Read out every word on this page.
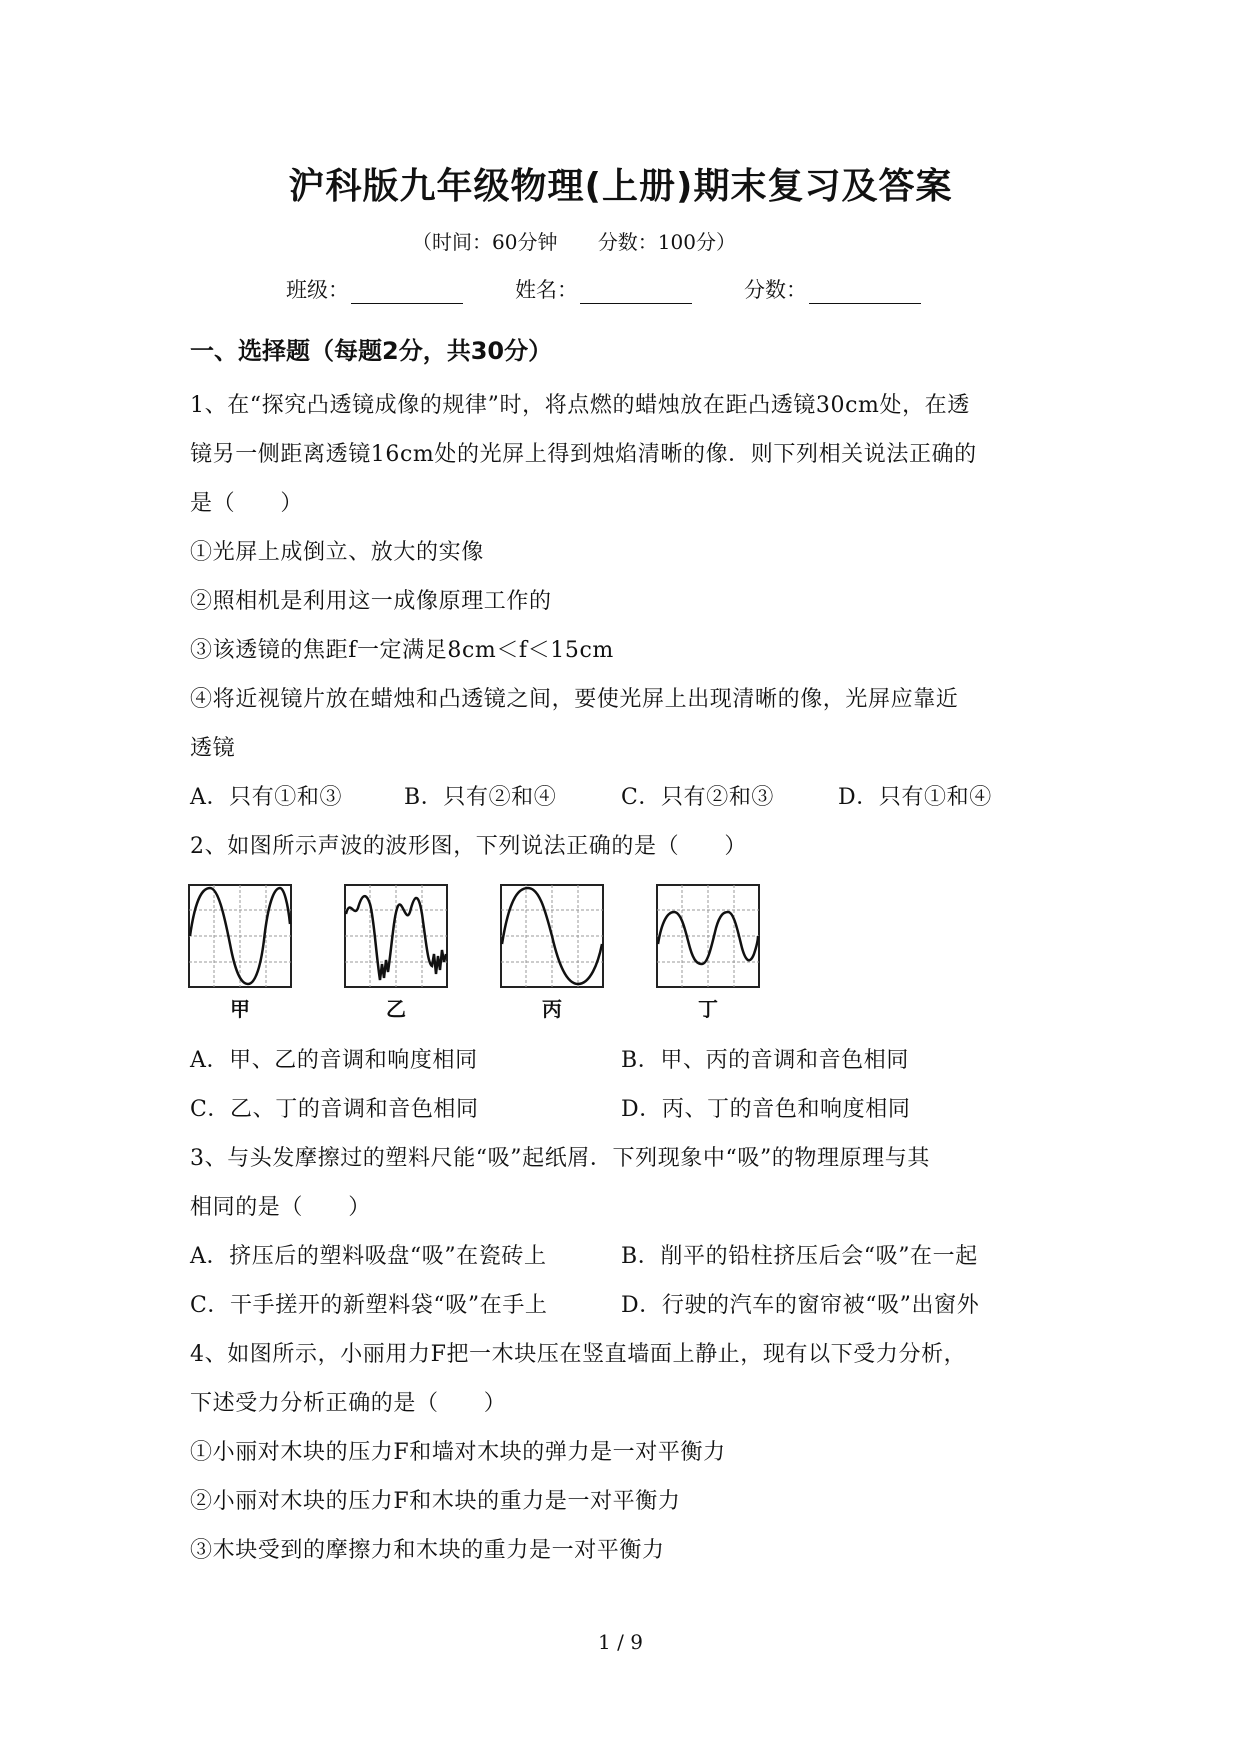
沪科版九年级物理(上册)期末复习及答案
（时间：60分钟 分数：100分）
班级：	姓名：	分数：
一、选择题（每题2分，共30分）
1、在“探究凸透镜成像的规律”时，将点燃的蜡烛放在距凸透镜30cm处，在透
镜另一侧距离透镜16cm处的光屏上得到烛焰清晰的像．则下列相关说法正确的
是（　　）
①光屏上成倒立、放大的实像
②照相机是利用这一成像原理工作的
③该透镜的焦距f一定满足8cm＜f＜15cm
④将近视镜片放在蜡烛和凸透镜之间，要使光屏上出现清晰的像，光屏应靠近
透镜
A．只有①和③	B．只有②和④	C．只有②和③	D．只有①和④
2、如图所示声波的波形图，下列说法正确的是（　　）
甲	乙	丙	丁
A．甲、乙的音调和响度相同	B．甲、丙的音调和音色相同
C．乙、丁的音调和音色相同	D．丙、丁的音色和响度相同
3、与头发摩擦过的塑料尺能“吸”起纸屑．下列现象中“吸”的物理原理与其
相同的是（　　）
A．挤压后的塑料吸盘“吸”在瓷砖上	B．削平的铅柱挤压后会“吸”在一起
C．干手搓开的新塑料袋“吸”在手上	D．行驶的汽车的窗帘被“吸”出窗外
4、如图所示，小丽用力F把一木块压在竖直墙面上静止，现有以下受力分析，
下述受力分析正确的是（　　）
①小丽对木块的压力F和墙对木块的弹力是一对平衡力
②小丽对木块的压力F和木块的重力是一对平衡力
③木块受到的摩擦力和木块的重力是一对平衡力
1 / 9
